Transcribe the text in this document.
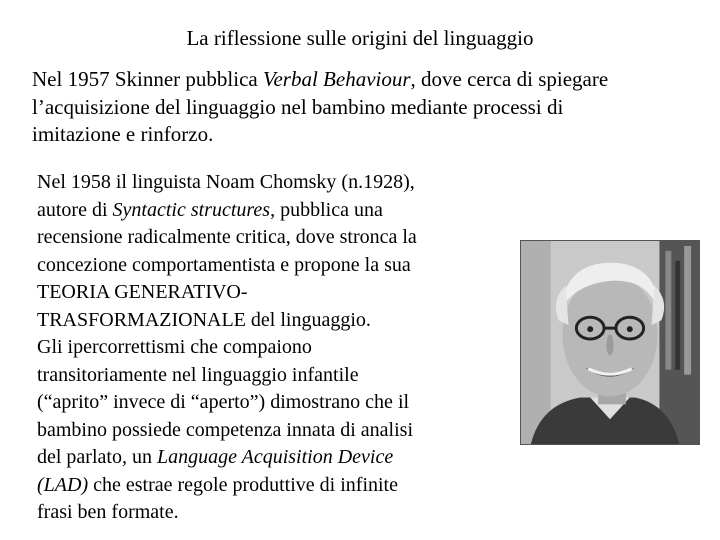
La riflessione sulle origini del linguaggio
Nel 1957 Skinner pubblica Verbal Behaviour, dove cerca di spiegare
l’acquisizione del linguaggio nel bambino mediante processi di
imitazione e rinforzo.
Nel 1958 il linguista Noam Chomsky (n.1928),
autore di Syntactic structures, pubblica una
recensione radicalmente critica, dove stronca la
concezione comportamentista e propone la sua
TEORIA GENERATIVO-
TRASFORMAZIONALE del linguaggio.
Gli ipercorrettismi che compaiono
transitoriamente nel linguaggio infantile
(“aprito” invece di “aperto”) dimostrano che il
bambino possiede competenza innata di analisi
del parlato, un Language Acquisition Device
(LAD) che estrae regole produttive di infinite
frasi ben formate.
